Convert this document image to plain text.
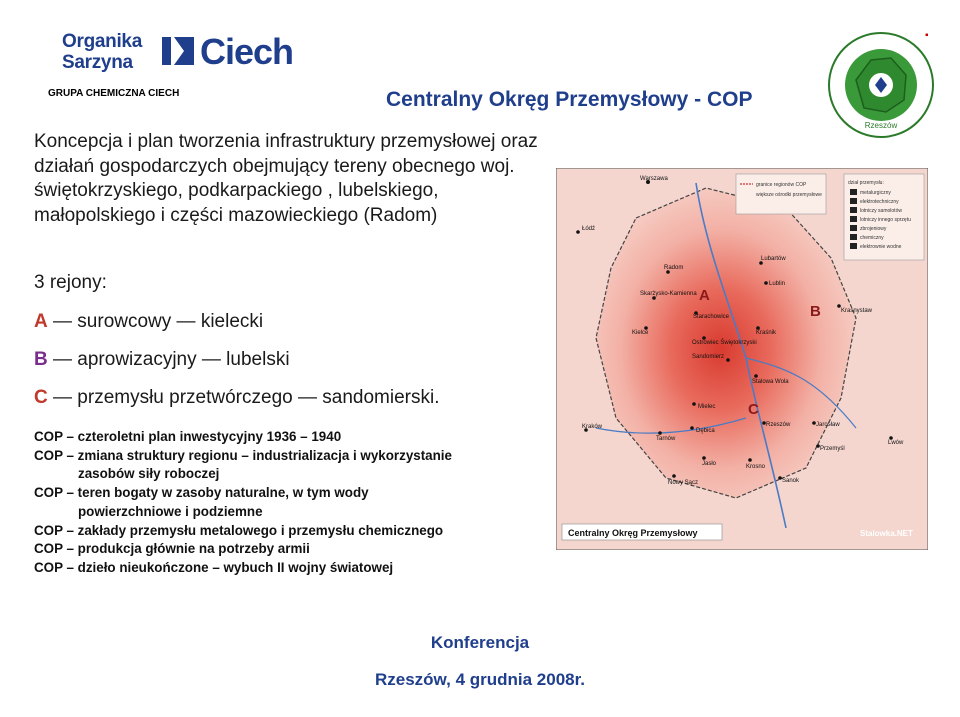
Organika
Sarzyna	Ciech
GRUPA CHEMICZNA CIECH	Centralny Okręg Przemysłowy - COP
▪
Rzeszów
Koncepcja i plan tworzenia infrastruktury przemysłowej oraz działań gospodarczych obejmujący tereny obecnego woj. świętokrzyskiego, podkarpackiego , lubelskiego, małopolskiego i części mazowieckiego (Radom)
3 rejony:
A — surowcowy — kielecki
B — aprowizacyjny — lubelski
C — przemysłu przetwórczego — sandomierski.
COP – czteroletni plan inwestycyjny 1936 – 1940
COP – zmiana struktury regionu – industrializacja i wykorzystanie
zasobów siły roboczej
COP – teren bogaty w zasoby naturalne, w tym wody
powierzchniowe i podziemne
COP – zakłady przemysłu metalowego i przemysłu chemicznego
COP – produkcja głównie na potrzeby armii
COP – dzieło nieukończone – wybuch II wojny światowej
granice regionów COP
większe ośrodki przemysłowe
dział przemysłu:
metalurgiczny
elektrotechniczny
lotniczy samolotów
lotniczy innego sprzętu
zbrojeniowy
chemiczny
elektrownie wodne
A
B
C
Warszawa
Łódź
Radom
Lubartów
Lublin
Skarżysko-Kamienna
Starachowice
Kielce
Ostrowiec Świętokrzyski
Kraśnik
Krasnystaw
Sandomierz
Stalowa Wola
Mielec
Kraków
Tarnów
Dębica
Rzeszów	Jarosław
Lwów
Przemyśl
Jasło	Krosno
Nowy Sącz	Sanok
Centralny Okręg Przemysłowy	Stalowka.NET
Konferencja
Rzeszów, 4 grudnia 2008r.
